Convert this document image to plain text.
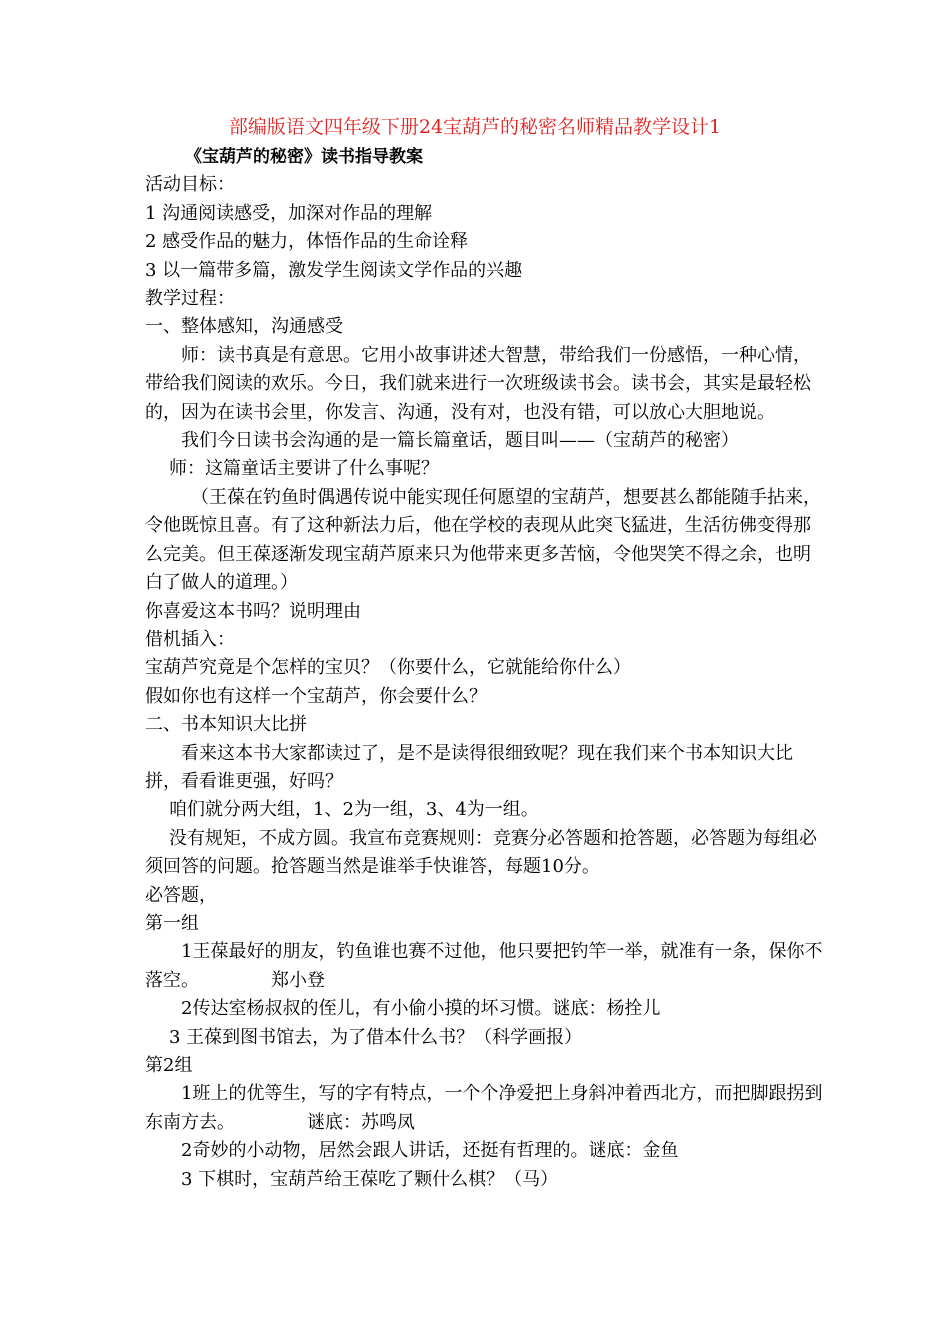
部编版语文四年级下册24宝葫芦的秘密名师精品教学设计1

《宝葫芦的秘密》读书指导教案

活动目标：

1 沟通阅读感受，加深对作品的理解

2 感受作品的魅力，体悟作品的生命诠释

3 以一篇带多篇，激发学生阅读文学作品的兴趣

教学过程：

一、整体感知，沟通感受

师：读书真是有意思。它用小故事讲述大智慧，带给我们一份感悟，一种心情，带给我们阅读的欢乐。今日，我们就来进行一次班级读书会。读书会，其实是最轻松的，因为在读书会里，你发言、沟通，没有对，也没有错，可以放心大胆地说。

我们今日读书会沟通的是一篇长篇童话，题目叫——（宝葫芦的秘密）

师：这篇童话主要讲了什么事呢？

（王葆在钓鱼时偶遇传说中能实现任何愿望的宝葫芦，想要甚么都能随手拈来，令他既惊且喜。有了这种新法力后，他在学校的表现从此突飞猛进，生活彷佛变得那么完美。但王葆逐渐发现宝葫芦原来只为他带来更多苦恼，令他哭笑不得之余，也明白了做人的道理。）

你喜爱这本书吗？说明理由

借机插入：

宝葫芦究竟是个怎样的宝贝？（你要什么，它就能给你什么）

假如你也有这样一个宝葫芦，你会要什么？

二、书本知识大比拼

看来这本书大家都读过了，是不是读得很细致呢？现在我们来个书本知识大比拼，看看谁更强，好吗？

咱们就分两大组，1、2为一组，3、4为一组。

没有规矩，不成方圆。我宣布竞赛规则：竞赛分必答题和抢答题，必答题为每组必须回答的问题。抢答题当然是谁举手快谁答，每题10分。

必答题，

第一组

1王葆最好的朋友，钓鱼谁也赛不过他，他只要把钓竿一举，就准有一条，保你不落空。	郑小登

2传达室杨叔叔的侄儿，有小偷小摸的坏习惯。谜底：杨拴儿

3 王葆到图书馆去，为了借本什么书？（科学画报）

第2组

1班上的优等生，写的字有特点，一个个净爱把上身斜冲着西北方，而把脚跟拐到东南方去。	谜底：苏鸣凤

2奇妙的小动物，居然会跟人讲话，还挺有哲理的。谜底：金鱼

3 下棋时，宝葫芦给王葆吃了颗什么棋？（马）
